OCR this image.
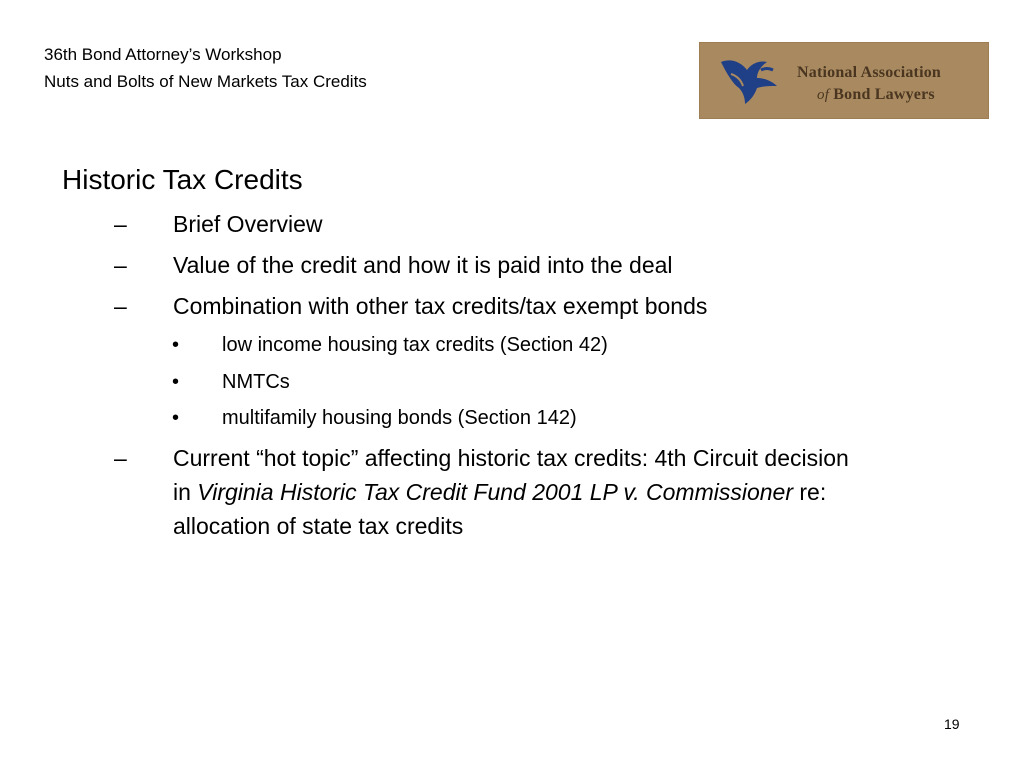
36th Bond Attorney’s Workshop
Nuts and Bolts of New Markets Tax Credits	National Association
of Bond Lawyers
Historic Tax Credits
– Brief Overview
– Value of the credit and how it is paid into the deal
– Combination with other tax credits/tax exempt bonds
• low income housing tax credits (Section 42)
• NMTCs
• multifamily housing bonds (Section 142)
– Current “hot topic” affecting historic tax credits: 4th Circuit decision
in Virginia Historic Tax Credit Fund 2001 LP v. Commissioner re:
allocation of state tax credits
19
